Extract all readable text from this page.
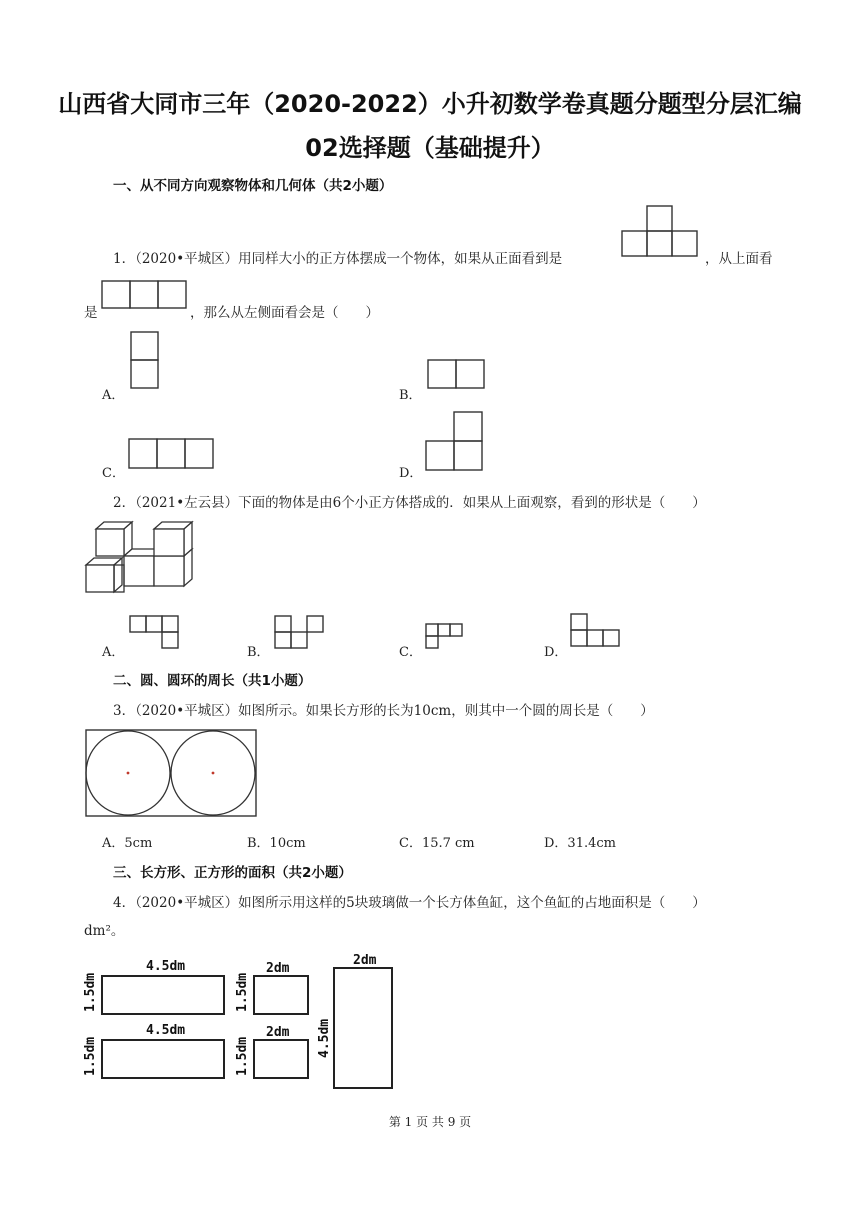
山西省大同市三年（2020-2022）小升初数学卷真题分题型分层汇编
02选择题（基础提升）
一、从不同方向观察物体和几何体（共2小题）
1．（2020•平城区）用同样大小的正方体摆成一个物体，如果从正面看到是	，从上面看
是	，那么从左侧面看会是（　　）
A．	B．
C．	D．
2．（2021•左云县）下面的物体是由6个小正方体搭成的．如果从上面观察，看到的形状是（　　）
A．	B．	C．	D．
二、圆、圆环的周长（共1小题）
3．（2020•平城区）如图所示。如果长方形的长为10cm，则其中一个圆的周长是（　　）
A．5cm	B．10cm	C．15.7 cm	D．31.4cm
三、长方形、正方形的面积（共2小题）
4．（2020•平城区）如图所示用这样的5块玻璃做一个长方体鱼缸，这个鱼缸的占地面积是（　　）
dm²。
4.5dm
1.5dm
4.5dm
1.5dm
2dm
1.5dm
2dm
1.5dm
2dm
4.5dm
第 1 页 共 9 页
